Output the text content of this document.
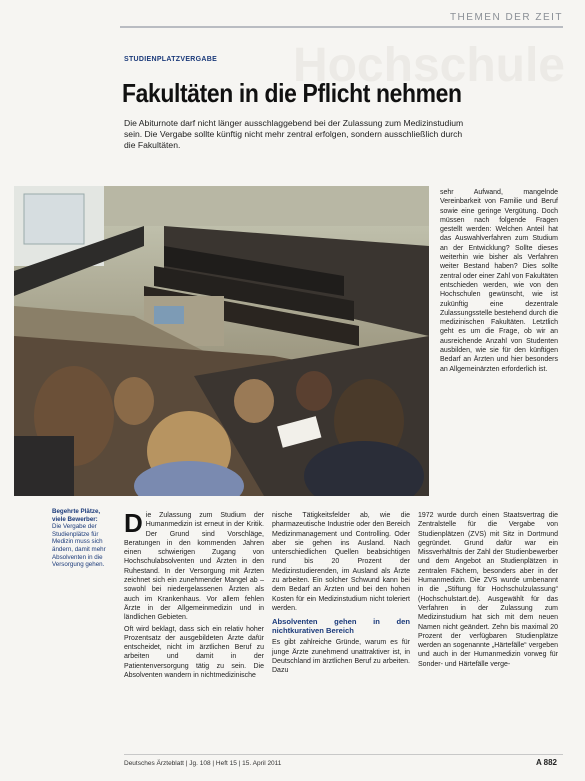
THEMEN DER ZEIT
Hochschule
STUDIENPLATZVERGABE
Fakultäten in die Pflicht nehmen
Die Abiturnote darf nicht länger ausschlaggebend bei der Zulassung zum Medizinstudium sein. Die Vergabe sollte künftig nicht mehr zentral erfolgen, sondern ausschließlich durch die Fakultäten.
Begehrte Plätze, viele Bewerber:
Die Vergabe der Studienplätze für Medizin muss sich ändern, damit mehr Absolventen in die Versorgung gehen.

sehr Aufwand, mangelnde Vereinbarkeit von Familie und Beruf sowie eine geringe Vergütung. Doch müssen nach folgende Fragen gestellt werden: Welchen Anteil hat das Auswahlverfahren zum Studium an der Entwicklung? Sollte dieses weiterhin wie bisher als Verfahren weiter Bestand haben? Dies sollte zentral oder einer Zahl von Fakultäten entschieden werden, wie von den Hochschulen gewünscht, wie ist zukünftig eine dezentrale Zulassungsstelle bestehend durch die medizinischen Fakultäten. Letztlich geht es um die Frage, ob wir an ausreichende Anzahl von Studenten ausbilden, wie sie für den künftigen Bedarf an Ärzten und hier besonders an Allgemeinärzten erforderlich ist.

Die Zulassung zum Studium der Humanmedizin ist erneut in der Kritik. Der Grund sind Vorschläge, Beratungen in den kommenden Jahren einen schwierigen Zugang von Hochschulabsolventen und Ärzten in den Ruhestand. In der Versorgung mit Ärzten zeichnet sich ein zunehmender Mangel ab – sowohl bei niedergelassenen Ärzten als auch im Krankenhaus. Vor allem fehlen Ärzte in der Allgemeinmedizin und in ländlichen Gebieten.

Oft wird beklagt, dass sich ein relativ hoher Prozentsatz der ausgebildeten Ärzte dafür entscheidet, nicht im ärztlichen Beruf zu arbeiten und damit in der Patientenversorgung tätig zu sein. Die Absolventen wandern in nichtmedizinische

nische Tätigkeitsfelder ab, wie die pharmazeutische Industrie oder den Bereich Medizinmanagement und Controlling. Oder aber sie gehen ins Ausland. Nach unterschiedlichen Quellen beabsichtigen rund bis 20 Prozent der Medizinstudierenden, im Ausland als Ärzte zu arbeiten. Ein solcher Schwund kann bei dem Bedarf an Ärzten und bei den hohen Kosten für ein Medizinstudium nicht toleriert werden.

Absolventen gehen in den nichtkurativen Bereich

Es gibt zahlreiche Gründe, warum es für junge Ärzte zunehmend unattraktiver ist, in Deutschland im ärztlichen Beruf zu arbeiten. Dazu

1972 wurde durch einen Staatsvertrag die Zentralstelle für die Vergabe von Studienplätzen (ZVS) mit Sitz in Dortmund gegründet. Grund dafür war ein Missverhältnis der Zahl der Studienbewerber und dem Angebot an Studienplätzen in zentralen Fächern, besonders aber in der Humanmedizin. Die ZVS wurde umbenannt in die „Stiftung für Hochschulzulassung“ (Hochschulstart.de). Ausgewählt für das Verfahren in der Zulassung zum Medizinstudium hat sich mit dem neuen Namen nicht geändert. Zehn bis maximal 20 Prozent der verfügbaren Studienplätze werden an sogenannte „Härtefälle“ vergeben und auch in der Humanmedizin vorweg für Sonder- und Härtefälle verge-

Deutsches Ärzteblatt | Jg. 108 | Heft 15 | 15. April 2011	A 882
